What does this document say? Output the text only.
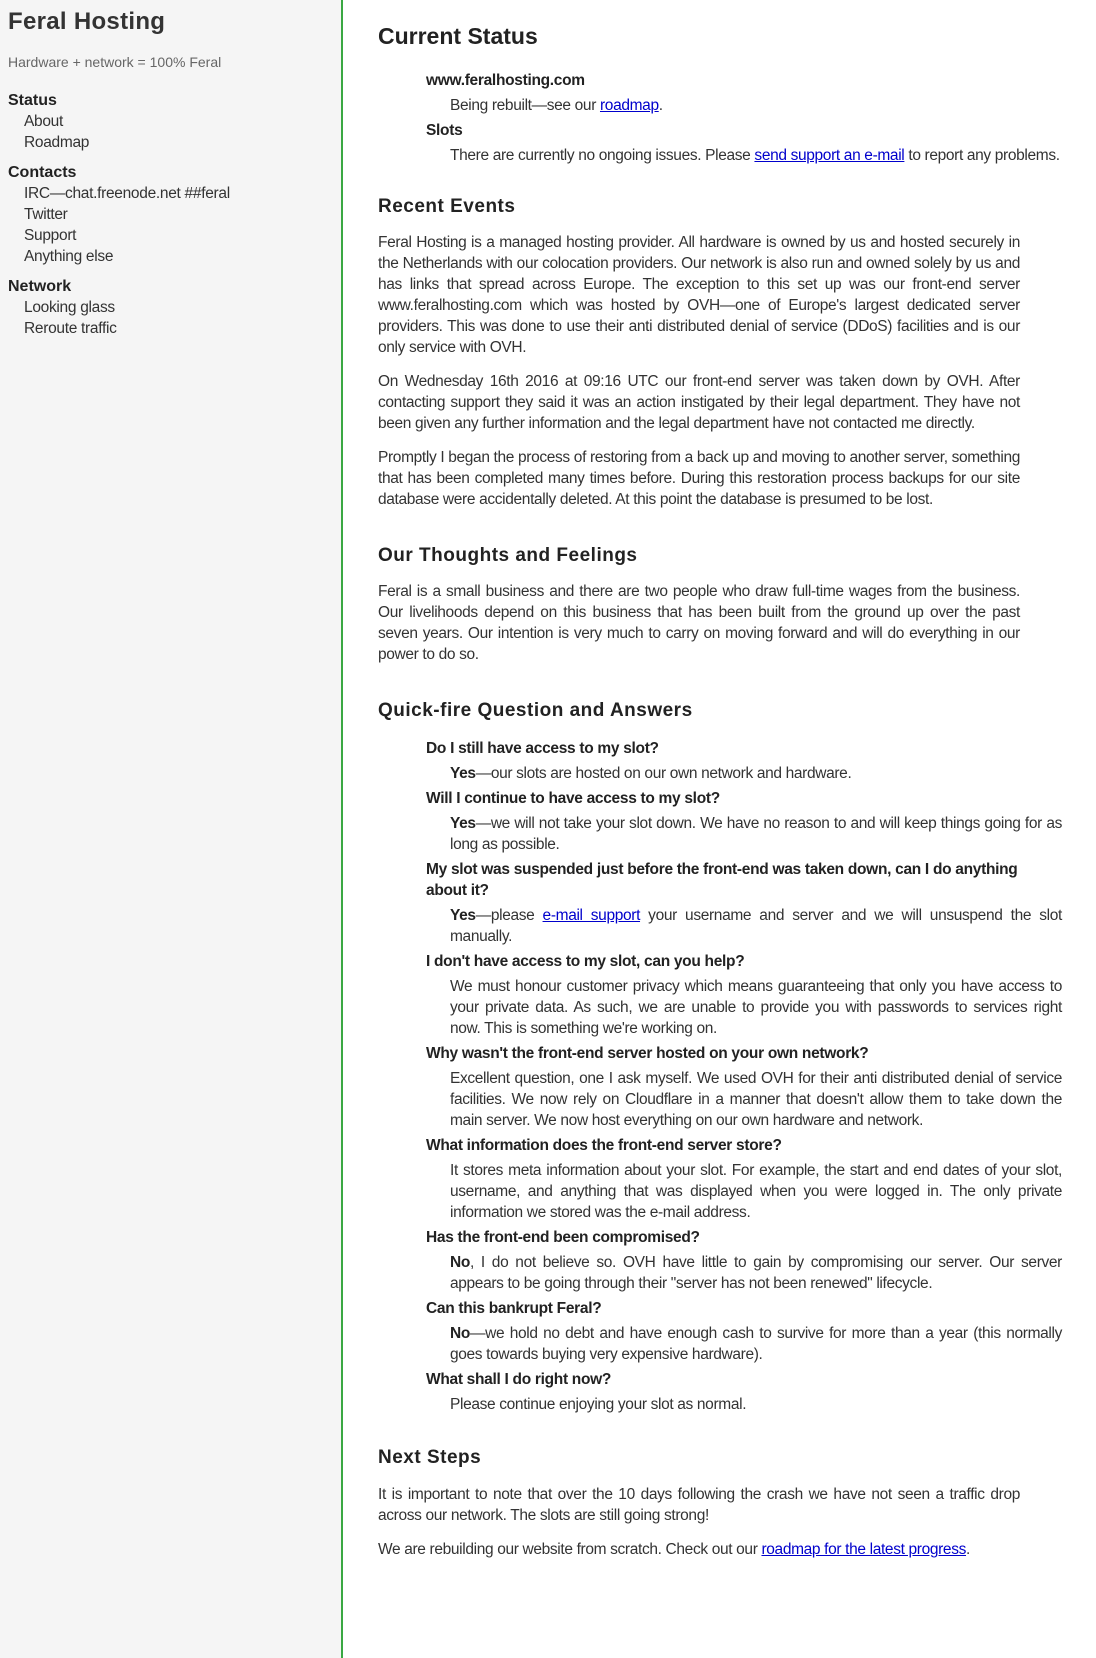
Feral Hosting
Hardware + network = 100% Feral
Status
About
Roadmap
Contacts
IRC—chat.freenode.net ##feral
Twitter
Support
Anything else
Network
Looking glass
Reroute traffic
Current Status
www.feralhosting.com
Being rebuilt—see our roadmap.
Slots
There are currently no ongoing issues. Please send support an e-mail to report any problems.
Recent Events

Feral Hosting is a managed hosting provider. All hardware is owned by us and hosted securely in the Netherlands with our colocation providers. Our network is also run and owned solely by us and has links that spread across Europe. The exception to this set up was our front-end server www.feralhosting.com which was hosted by OVH—one of Europe's largest dedicated server providers. This was done to use their anti distributed denial of service (DDoS) facilities and is our only service with OVH.

On Wednesday 16th 2016 at 09:16 UTC our front-end server was taken down by OVH. After contacting support they said it was an action instigated by their legal department. They have not been given any further information and the legal department have not contacted me directly.

Promptly I began the process of restoring from a back up and moving to another server, something that has been completed many times before. During this restoration process backups for our site database were accidentally deleted. At this point the database is presumed to be lost.

Our Thoughts and Feelings

Feral is a small business and there are two people who draw full-time wages from the business. Our livelihoods depend on this business that has been built from the ground up over the past seven years. Our intention is very much to carry on moving forward and will do everything in our power to do so.

Quick-fire Question and Answers
Do I still have access to my slot?
Yes—our slots are hosted on our own network and hardware.
Will I continue to have access to my slot?
Yes—we will not take your slot down. We have no reason to and will keep things going for as long as possible.
My slot was suspended just before the front-end was taken down, can I do anything about it?
Yes—please e-mail support your username and server and we will unsuspend the slot manually.
I don't have access to my slot, can you help?
We must honour customer privacy which means guaranteeing that only you have access to your private data. As such, we are unable to provide you with passwords to services right now. This is something we're working on.
Why wasn't the front-end server hosted on your own network?
Excellent question, one I ask myself. We used OVH for their anti distributed denial of service facilities. We now rely on Cloudflare in a manner that doesn't allow them to take down the main server. We now host everything on our own hardware and network.
What information does the front-end server store?
It stores meta information about your slot. For example, the start and end dates of your slot, username, and anything that was displayed when you were logged in. The only private information we stored was the e-mail address.
Has the front-end been compromised?
No, I do not believe so. OVH have little to gain by compromising our server. Our server appears to be going through their "server has not been renewed" lifecycle.
Can this bankrupt Feral?
No—we hold no debt and have enough cash to survive for more than a year (this normally goes towards buying very expensive hardware).
What shall I do right now?
Please continue enjoying your slot as normal.
Next Steps

It is important to note that over the 10 days following the crash we have not seen a traffic drop across our network. The slots are still going strong!

We are rebuilding our website from scratch. Check out our roadmap for the latest progress.
